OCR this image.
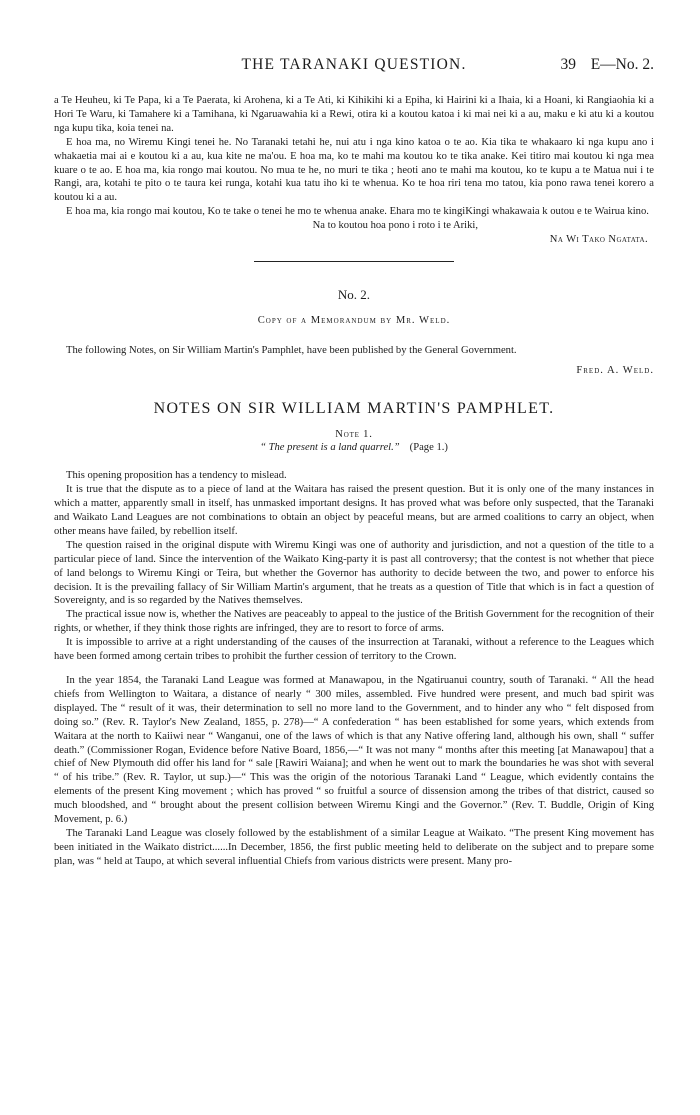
THE TARANAKI QUESTION.	39 E—No. 2.

a Te Heuheu, ki Te Papa, ki a Te Paerata, ki Arohena, ki a Te Ati, ki Kihikihi ki a Epiha, ki Hairini ki a Ihaia, ki a Hoani, ki Rangiaohia ki a Hori Te Waru, ki Tamahere ki a Tamihana, ki Ngaruawahia ki a Rewi, otira ki a koutou katoa i ki mai nei ki a au, maku e ki atu ki a koutou nga kupu tika, koia tenei na.

E hoa ma, no Wiremu Kingi tenei he. No Taranaki tetahi he, nui atu i nga kino katoa o te ao. Kia tika te whakaaro ki nga kupu ano i whakaetia mai ai e koutou ki a au, kua kite ne ma'ou. E hoa ma, ko te mahi ma koutou ko te tika anake. Kei titiro mai koutou ki nga mea kuare o te ao. E hoa ma, kia rongo mai koutou. No mua te he, no muri te tika ; heoti ano te mahi ma koutou, ko te kupu a te Matua nui i te Rangi, ara, kotahi te pito o te taura kei runga, kotahi kua tatu iho ki te whenua. Ko te hoa riri tena mo tatou, kia pono rawa tenei korero a koutou ki a au.

E hoa ma, kia rongo mai koutou, Ko te take o tenei he mo te whenua anake. Ehara mo te kingiKingi whakawaia k outou e te Wairua kino.

Na to koutou hoa pono i roto i te Ariki,

Na Wi Tako Ngatata.

No. 2.
Copy of a Memorandum by Mr. Weld.

The following Notes, on Sir William Martin's Pamphlet, have been published by the General Government.

Fred. A. Weld.
NOTES ON SIR WILLIAM MARTIN'S PAMPHLET.
Note 1.
“ The present is a land quarrel.” (Page 1.)

This opening proposition has a tendency to mislead.

It is true that the dispute as to a piece of land at the Waitara has raised the present question. But it is only one of the many instances in which a matter, apparently small in itself, has unmasked important designs. It has proved what was before only suspected, that the Taranaki and Waikato Land Leagues are not combinations to obtain an object by peaceful means, but are armed coalitions to carry an object, when other means have failed, by rebellion itself.

The question raised in the original dispute with Wiremu Kingi was one of authority and jurisdiction, and not a question of the title to a particular piece of land. Since the intervention of the Waikato King-party it is past all controversy; that the contest is not whether that piece of land belongs to Wiremu Kingi or Teira, but whether the Governor has authority to decide between the two, and power to enforce his decision. It is the prevailing fallacy of Sir William Martin's argument, that he treats as a question of Title that which is in fact a question of Sovereignty, and is so regarded by the Natives themselves.

The practical issue now is, whether the Natives are peaceably to appeal to the justice of the British Government for the recognition of their rights, or whether, if they think those rights are infringed, they are to resort to force of arms.

It is impossible to arrive at a right understanding of the causes of the insurrection at Taranaki, without a reference to the Leagues which have been formed among certain tribes to prohibit the further cession of territory to the Crown.

In the year 1854, the Taranaki Land League was formed at Manawapou, in the Ngatiruanui country, south of Taranaki. “ All the head chiefs from Wellington to Waitara, a distance of nearly “ 300 miles, assembled. Five hundred were present, and much bad spirit was displayed. The “ result of it was, their determination to sell no more land to the Government, and to hinder any who “ felt disposed from doing so.” (Rev. R. Taylor's New Zealand, 1855, p. 278)—“ A confederation “ has been established for some years, which extends from Waitara at the north to Kaiiwi near “ Wanganui, one of the laws of which is that any Native offering land, although his own, shall “ suffer death.” (Commissioner Rogan, Evidence before Native Board, 1856,—“ It was not many “ months after this meeting [at Manawapou] that a chief of New Plymouth did offer his land for “ sale [Rawiri Waiana]; and when he went out to mark the boundaries he was shot with several “ of his tribe.” (Rev. R. Taylor, ut sup.)—“ This was the origin of the notorious Taranaki Land “ League, which evidently contains the elements of the present King movement ; which has proved “ so fruitful a source of dissension among the tribes of that district, caused so much bloodshed, and “ brought about the present collision between Wiremu Kingi and the Governor.” (Rev. T. Buddle, Origin of King Movement, p. 6.)

The Taranaki Land League was closely followed by the establishment of a similar League at Waikato. “The present King movement has been initiated in the Waikato district......In December, 1856, the first public meeting held to deliberate on the subject and to prepare some plan, was “ held at Taupo, at which several influential Chiefs from various districts were present. Many pro-
